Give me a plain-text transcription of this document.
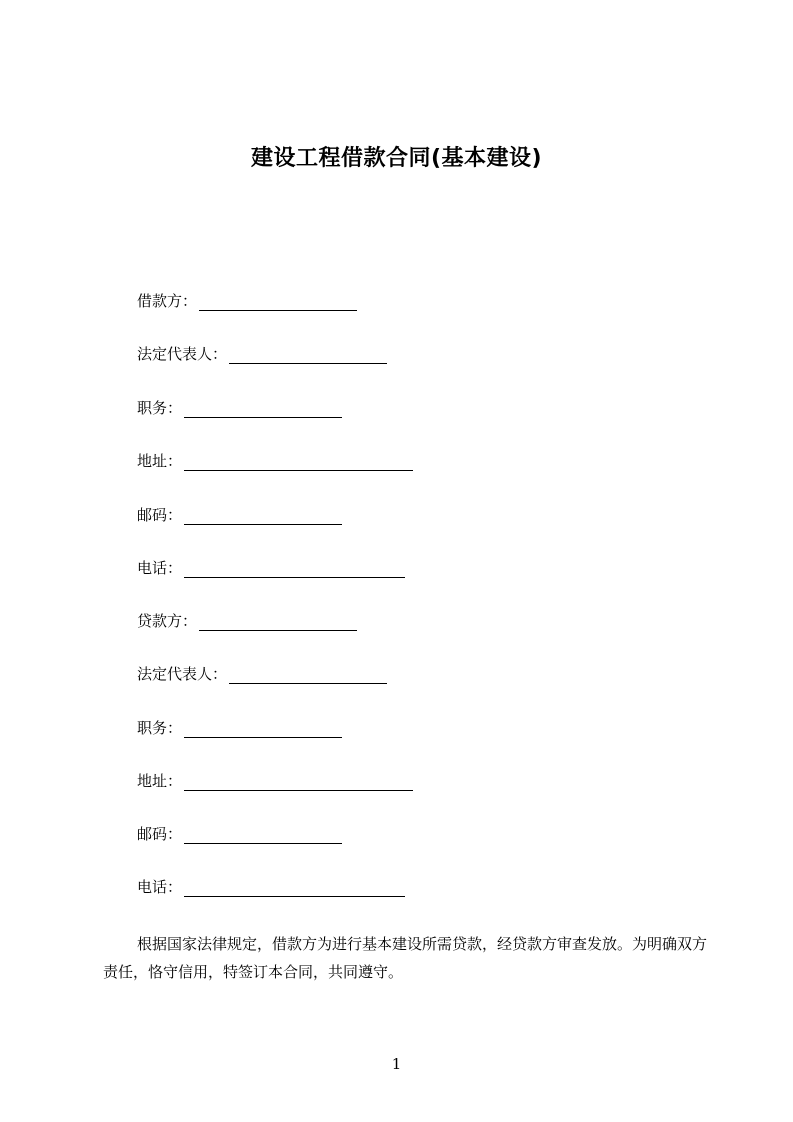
建设工程借款合同(基本建设)
借款方：
法定代表人：
职务：
地址：
邮码：
电话：
贷款方：
法定代表人：
职务：
地址：
邮码：
电话：
根据国家法律规定，借款方为进行基本建设所需贷款，经贷款方审查发放。为明确双方责任，恪守信用，特签订本合同，共同遵守。
1
